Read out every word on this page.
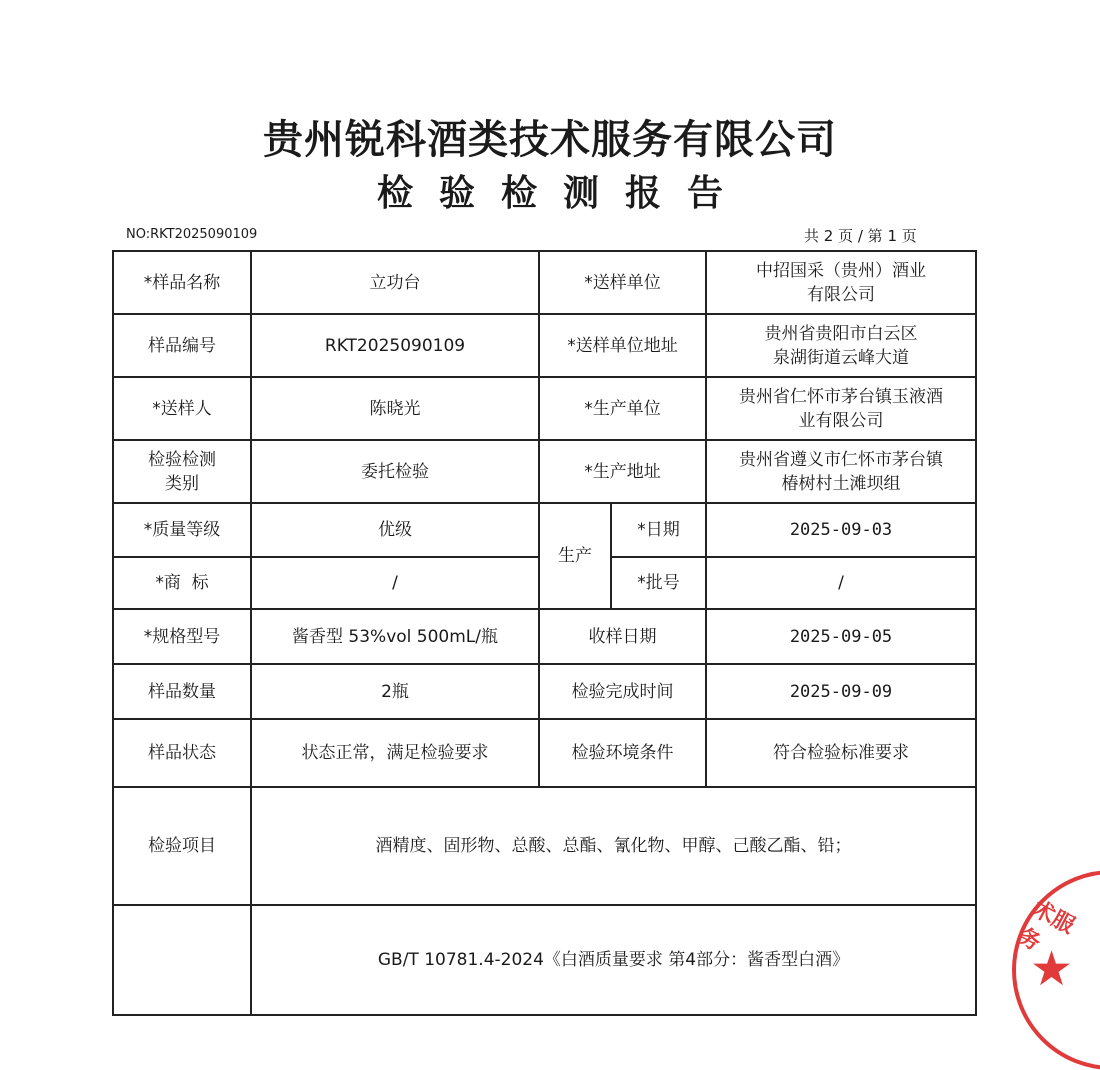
贵州锐科酒类技术服务有限公司
检验检测报告
NO:RKT2025090109	共 2 页 / 第 1 页
*样品名称	立功台	*送样单位		中招国采（贵州）酒业
有限公司
样品编号	RKT2025090109	*送样单位地址		贵州省贵阳市白云区
泉湖街道云峰大道
*送样人	陈晓光	*生产单位		贵州省仁怀市茅台镇玉液酒
业有限公司
检验检测
类别	委托检验	*生产地址		贵州省遵义市仁怀市茅台镇
椿树村土滩坝组
*质量等级	优级	生产	*日期	2025-09-03
*商  标	/		*批号	/
*规格型号	酱香型 53%vol 500mL/瓶	收样日期		2025-09-05
样品数量	2瓶	检验完成时间		2025-09-09
样品状态	状态正常，满足检验要求	检验环境条件		符合检验标准要求
检验项目	酒精度、固形物、总酸、总酯、氰化物、甲醇、己酸乙酯、铅；			
	GB/T 10781.4-2024《白酒质量要求 第4部分：酱香型白酒》			
术服务
★
